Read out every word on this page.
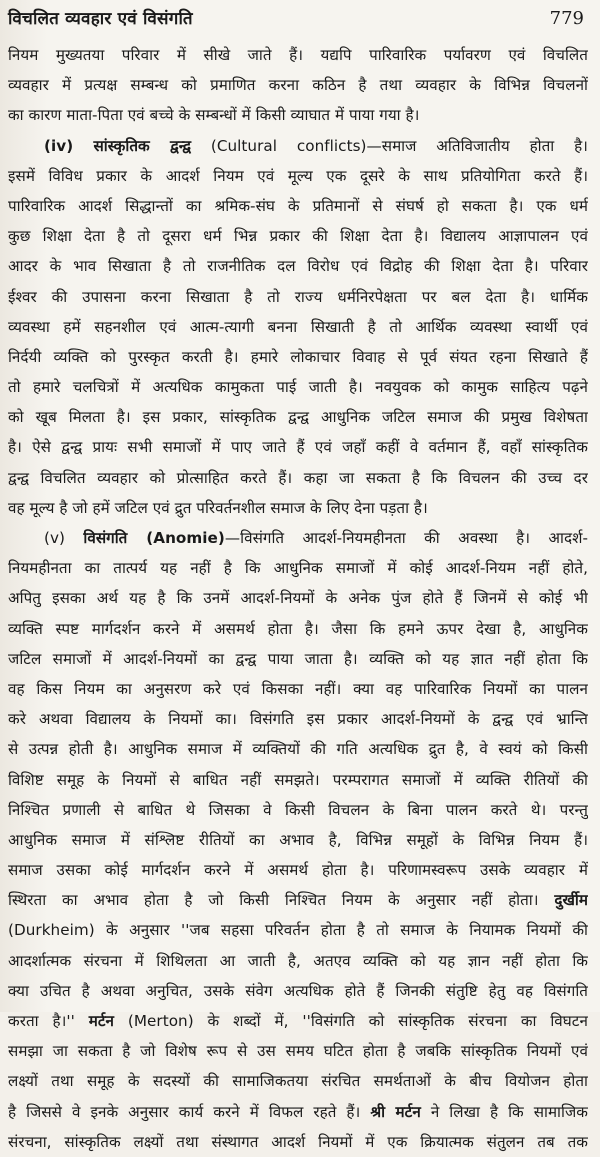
विचलित व्यवहार एवं विसंगति	779
नियम मुख्यतया परिवार में सीखे जाते हैं। यद्यपि पारिवारिक पर्यावरण एवं विचलित
व्यवहार में प्रत्यक्ष सम्बन्ध को प्रमाणित करना कठिन है तथा व्यवहार के विभिन्न विचलनों
का कारण माता-पिता एवं बच्चे के सम्बन्धों में किसी व्याघात में पाया गया है।
(iv) सांस्कृतिक द्वन्द्व (Cultural conflicts)—समाज अतिविजातीय होता है।
इसमें विविध प्रकार के आदर्श नियम एवं मूल्य एक दूसरे के साथ प्रतियोगिता करते हैं।
पारिवारिक आदर्श सिद्धान्तों का श्रमिक-संघ के प्रतिमानों से संघर्ष हो सकता है। एक धर्म
कुछ शिक्षा देता है तो दूसरा धर्म भिन्न प्रकार की शिक्षा देता है। विद्यालय आज्ञापालन एवं
आदर के भाव सिखाता है तो राजनीतिक दल विरोध एवं विद्रोह की शिक्षा देता है। परिवार
ईश्वर की उपासना करना सिखाता है तो राज्य धर्मनिरपेक्षता पर बल देता है। धार्मिक
व्यवस्था हमें सहनशील एवं आत्म-त्यागी बनना सिखाती है तो आर्थिक व्यवस्था स्वार्थी एवं
निर्दयी व्यक्ति को पुरस्कृत करती है। हमारे लोकाचार विवाह से पूर्व संयत रहना सिखाते हैं
तो हमारे चलचित्रों में अत्यधिक कामुकता पाई जाती है। नवयुवक को कामुक साहित्य पढ़ने
को खूब मिलता है। इस प्रकार, सांस्कृतिक द्वन्द्व आधुनिक जटिल समाज की प्रमुख विशेषता
है। ऐसे द्वन्द्व प्रायः सभी समाजों में पाए जाते हैं एवं जहाँ कहीं वे वर्तमान हैं, वहाँ सांस्कृतिक
द्वन्द्व विचलित व्यवहार को प्रोत्साहित करते हैं। कहा जा सकता है कि विचलन की उच्च दर
वह मूल्य है जो हमें जटिल एवं द्रुत परिवर्तनशील समाज के लिए देना पड़ता है।
(v) विसंगति (Anomie)—विसंगति आदर्श-नियमहीनता की अवस्था है। आदर्श-
नियमहीनता का तात्पर्य यह नहीं है कि आधुनिक समाजों में कोई आदर्श-नियम नहीं होते,
अपितु इसका अर्थ यह है कि उनमें आदर्श-नियमों के अनेक पुंज होते हैं जिनमें से कोई भी
व्यक्ति स्पष्ट मार्गदर्शन करने में असमर्थ होता है। जैसा कि हमने ऊपर देखा है, आधुनिक
जटिल समाजों में आदर्श-नियमों का द्वन्द्व पाया जाता है। व्यक्ति को यह ज्ञात नहीं होता कि
वह किस नियम का अनुसरण करे एवं किसका नहीं। क्या वह पारिवारिक नियमों का पालन
करे अथवा विद्यालय के नियमों का। विसंगति इस प्रकार आदर्श-नियमों के द्वन्द्व एवं भ्रान्ति
से उत्पन्न होती है। आधुनिक समाज में व्यक्तियों की गति अत्यधिक द्रुत है, वे स्वयं को किसी
विशिष्ट समूह के नियमों से बाधित नहीं समझते। परम्परागत समाजों में व्यक्ति रीतियों की
निश्चित प्रणाली से बाधित थे जिसका वे किसी विचलन के बिना पालन करते थे। परन्तु
आधुनिक समाज में संश्लिष्ट रीतियों का अभाव है, विभिन्न समूहों के विभिन्न नियम हैं।
समाज उसका कोई मार्गदर्शन करने में असमर्थ होता है। परिणामस्वरूप उसके व्यवहार में
स्थिरता का अभाव होता है जो किसी निश्चित नियम के अनुसार नहीं होता। दुर्खीम
(Durkheim) के अनुसार ''जब सहसा परिवर्तन होता है तो समाज के नियामक नियमों की
आदर्शात्मक संरचना में शिथिलता आ जाती है, अतएव व्यक्ति को यह ज्ञान नहीं होता कि
क्या उचित है अथवा अनुचित, उसके संवेग अत्यधिक होते हैं जिनकी संतुष्टि हेतु वह विसंगति
करता है।'' मर्टन (Merton) के शब्दों में, ''विसंगति को सांस्कृतिक संरचना का विघटन
समझा जा सकता है जो विशेष रूप से उस समय घटित होता है जबकि सांस्कृतिक नियमों एवं
लक्ष्यों तथा समूह के सदस्यों की सामाजिकतया संरचित समर्थताओं के बीच वियोजन होता
है जिससे वे इनके अनुसार कार्य करने में विफल रहते हैं। श्री मर्टन ने लिखा है कि सामाजिक
संरचना, सांस्कृतिक लक्ष्यों तथा संस्थागत आदर्श नियमों में एक क्रियात्मक संतुलन तब तक
